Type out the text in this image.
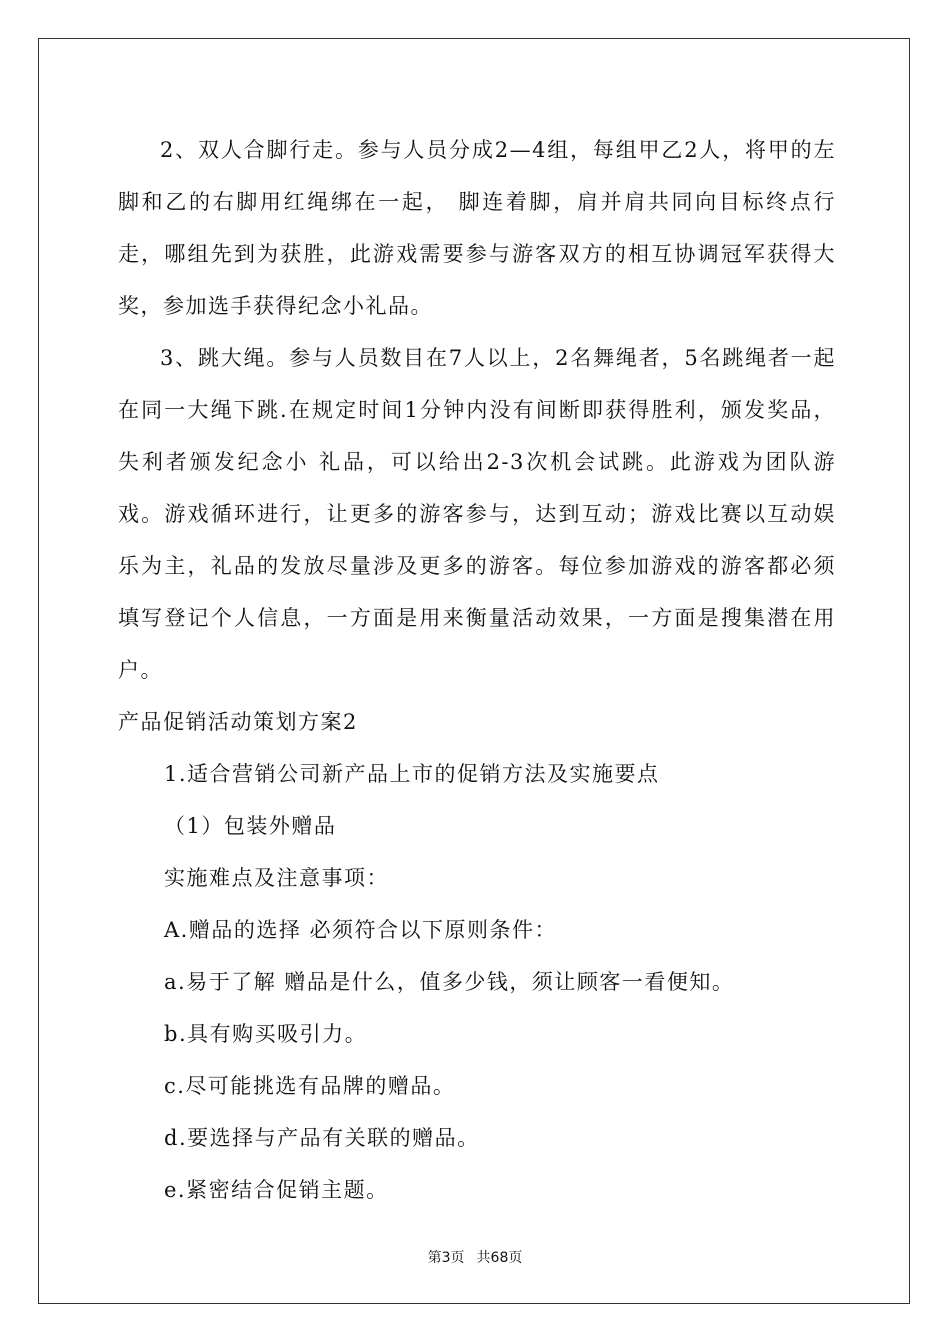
2、双人合脚行走。参与人员分成2—4组，每组甲乙2人，将甲的左脚和乙的右脚用红绳绑在一起， 脚连着脚，肩并肩共同向目标终点行走，哪组先到为获胜，此游戏需要参与游客双方的相互协调冠军获得大奖，参加选手获得纪念小礼品。

3、跳大绳。参与人员数目在7人以上，2名舞绳者，5名跳绳者一起在同一大绳下跳.在规定时间1分钟内没有间断即获得胜利，颁发奖品，失利者颁发纪念小 礼品，可以给出2-3次机会试跳。此游戏为团队游戏。游戏循环进行，让更多的游客参与，达到互动；游戏比赛以互动娱乐为主，礼品的发放尽量涉及更多的游客。每位参加游戏的游客都必须填写登记个人信息，一方面是用来衡量活动效果，一方面是搜集潜在用户。

产品促销活动策划方案2

1.适合营销公司新产品上市的促销方法及实施要点

（1）包装外赠品

实施难点及注意事项：

A.赠品的选择 必须符合以下原则条件：

a.易于了解 赠品是什么，值多少钱，须让顾客一看便知。

b.具有购买吸引力。

c.尽可能挑选有品牌的赠品。

d.要选择与产品有关联的赠品。

e.紧密结合促销主题。

第3页 共68页
